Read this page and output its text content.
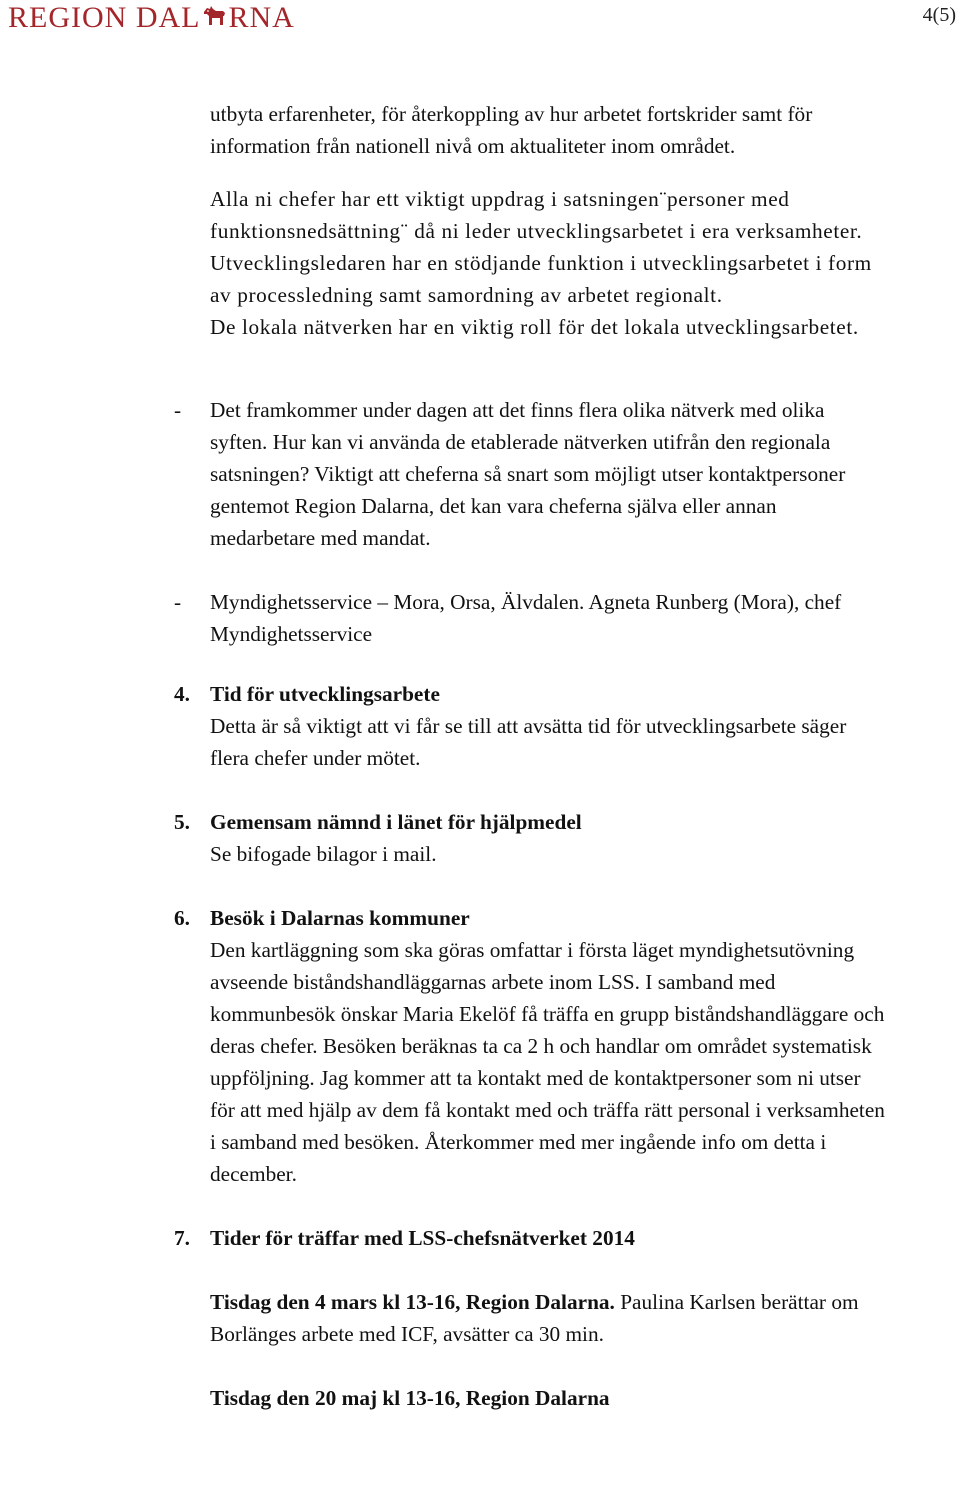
REGION DAL RNA	4(5)

utbyta erfarenheter, för återkoppling av hur arbetet fortskrider samt för information från nationell nivå om aktualiteter inom området.

Alla ni chefer har ett viktigt uppdrag i satsningen¨personer med funktionsnedsättning¨ då ni leder utvecklingsarbetet i era verksamheter.
Utvecklingsledaren har en stödjande funktion i utvecklingsarbetet i form av processledning samt samordning av arbetet regionalt.
De lokala nätverken har en viktig roll för det lokala utvecklingsarbetet.
- Det framkommer under dagen att det finns flera olika nätverk med olika syften. Hur kan vi använda de etablerade nätverken utifrån den regionala satsningen? Viktigt att cheferna så snart som möjligt utser kontaktpersoner gentemot Region Dalarna, det kan vara cheferna själva eller annan medarbetare med mandat.
- Myndighetsservice – Mora, Orsa, Älvdalen. Agneta Runberg (Mora), chef Myndighetsservice
4. Tid för utvecklingsarbete
Detta är så viktigt att vi får se till att avsätta tid för utvecklingsarbete säger flera chefer under mötet.
5. Gemensam nämnd i länet för hjälpmedel
Se bifogade bilagor i mail.
6. Besök i Dalarnas kommuner
Den kartläggning som ska göras omfattar i första läget myndighetsutövning avseende biståndshandläggarnas arbete inom LSS. I samband med kommunbesök önskar Maria Ekelöf få träffa en grupp biståndshandläggare och deras chefer. Besöken beräknas ta ca 2 h och handlar om området systematisk uppföljning. Jag kommer att ta kontakt med de kontaktpersoner som ni utser för att med hjälp av dem få kontakt med och träffa rätt personal i verksamheten i samband med besöken. Återkommer med mer ingående info om detta i december.
7. Tider för träffar med LSS-chefsnätverket 2014
Tisdag den 4 mars kl 13-16, Region Dalarna. Paulina Karlsen berättar om Borlänges arbete med ICF, avsätter ca 30 min.
Tisdag den 20 maj kl 13-16, Region Dalarna
